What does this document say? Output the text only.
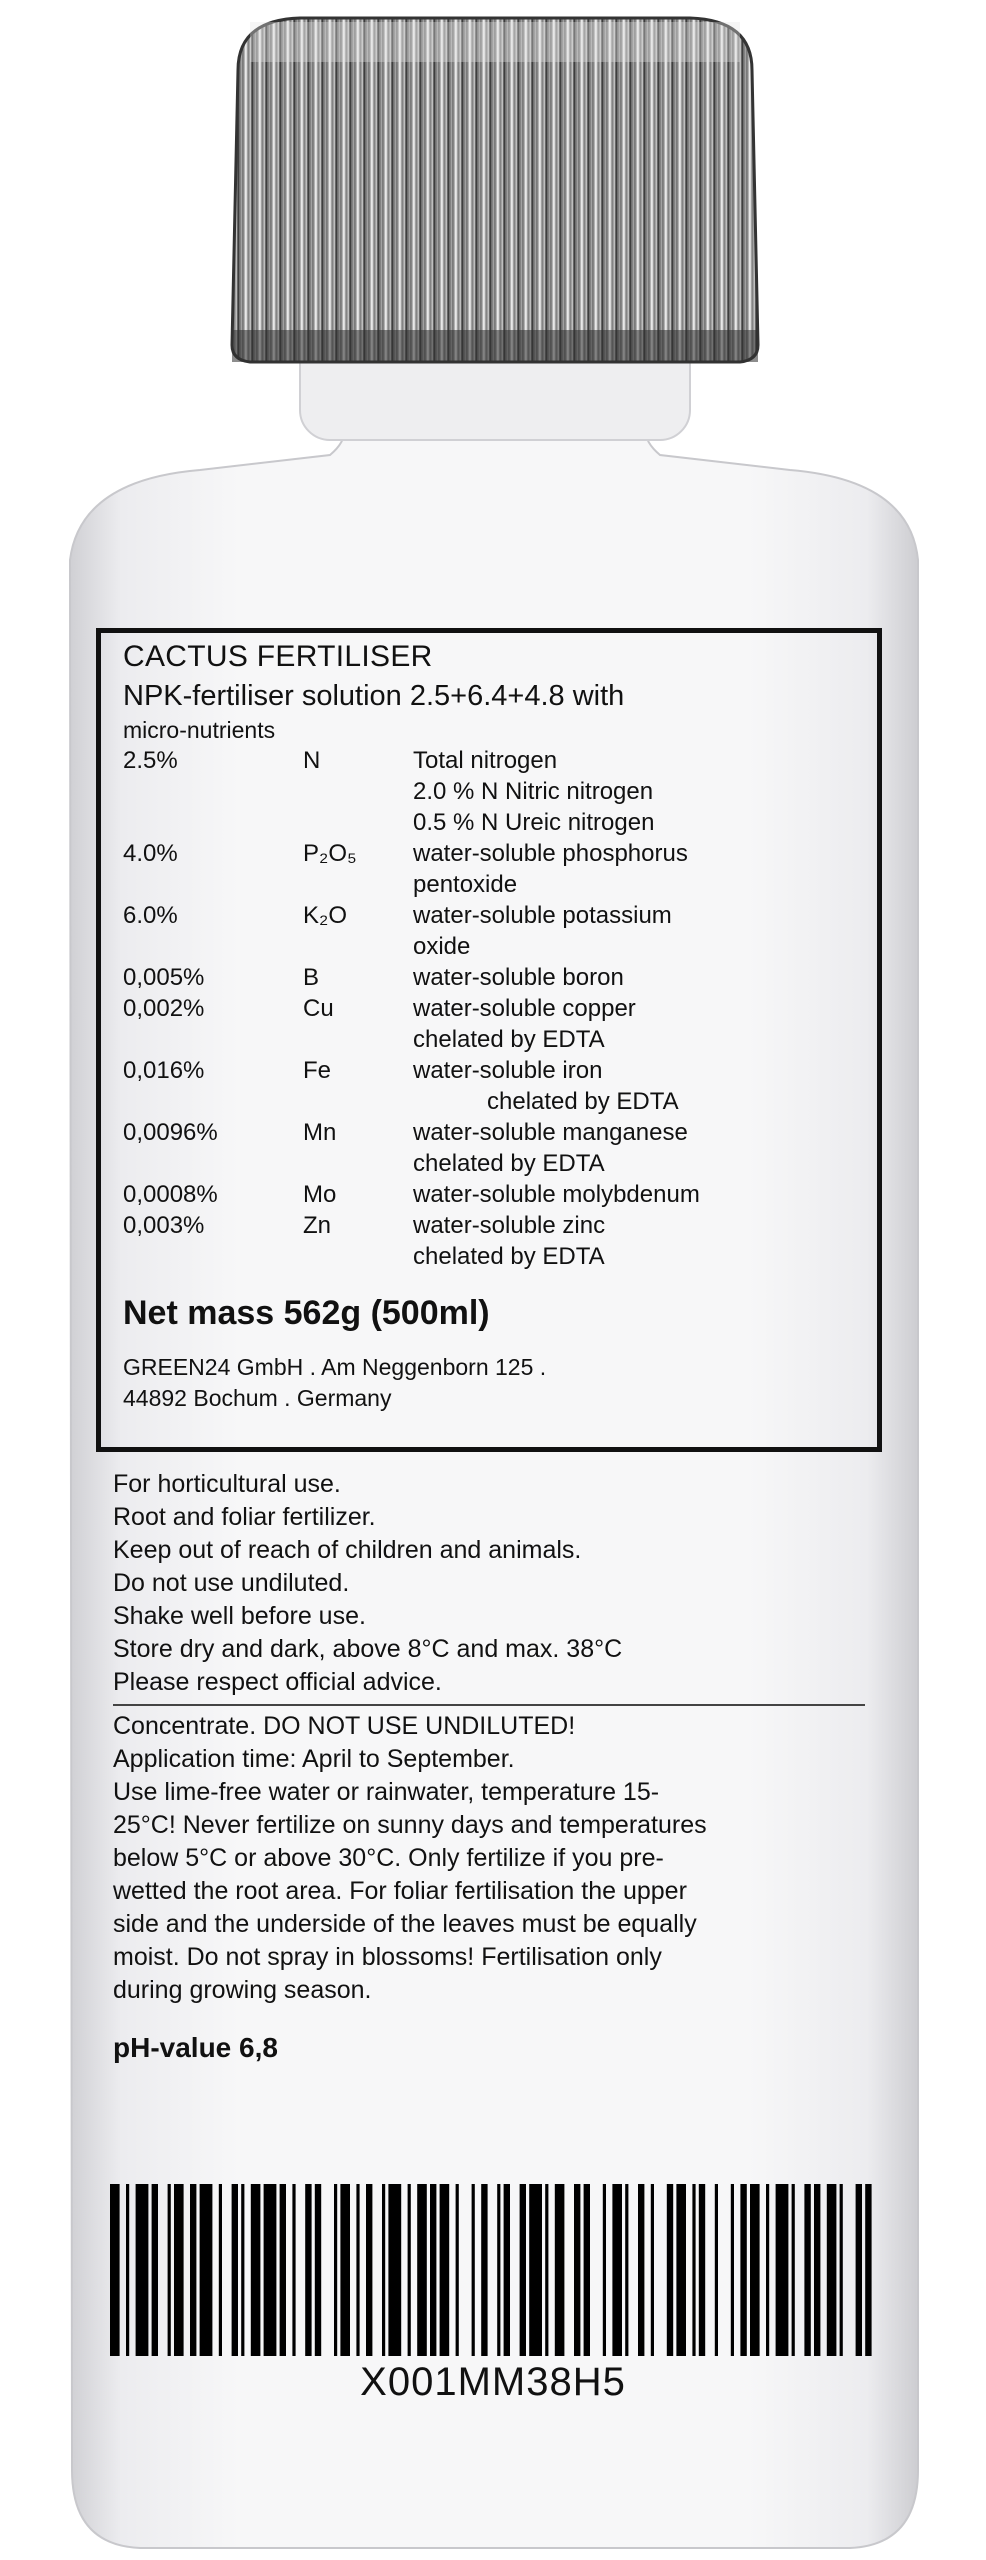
CACTUS FERTILISER
NPK-fertiliser solution 2.5+6.4+4.8 with
micro-nutrients
2.5%	N	Total nitrogen
2.0 % N Nitric nitrogen
0.5 % N Ureic nitrogen
4.0%	P₂O₅ water-soluble phosphorus
pentoxide
6.0%	K₂O	water-soluble potassium
oxide
0,005%	B	water-soluble boron
0,002%	Cu	water-soluble copper
chelated by EDTA
0,016%	Fe	water-soluble iron
chelated by EDTA
0,0096%	Mn	water-soluble manganese
chelated by EDTA
0,0008%	Mo	water-soluble molybdenum
0,003%	Zn	water-soluble zinc
chelated by EDTA
Net mass 562g (500ml)
GREEN24 GmbH . Am Neggenborn 125 .
44892 Bochum . Germany
For horticultural use.
Root and foliar fertilizer.
Keep out of reach of children and animals.
Do not use undiluted.
Shake well before use.
Store dry and dark, above 8°C and max. 38°C
Please respect official advice.
Concentrate. DO NOT USE UNDILUTED!
Application time: April to September.
Use lime-free water or rainwater, temperature 15-
25°C! Never fertilize on sunny days and temperatures
below 5°C or above 30°C. Only fertilize if you pre-
wetted the root area. For foliar fertilisation the upper
side and the underside of the leaves must be equally
moist. Do not spray in blossoms! Fertilisation only
during growing season.
pH-value 6,8
X001MM38H5
